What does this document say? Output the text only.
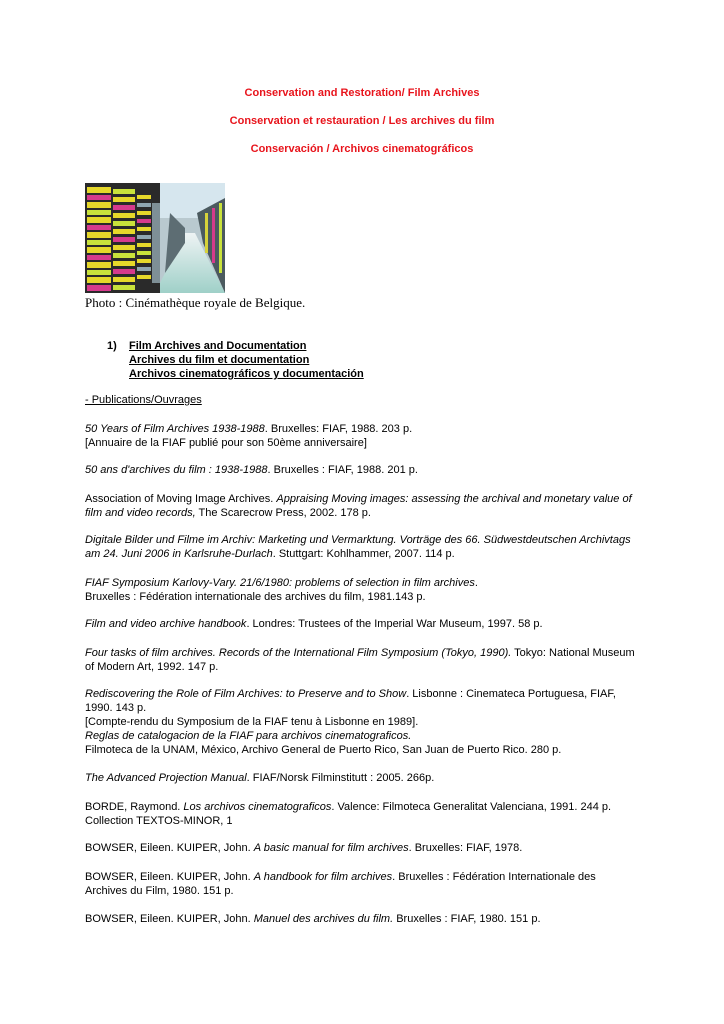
Conservation and Restoration/ Film Archives
Conservation et restauration / Les archives du film
Conservación / Archivos cinematográficos
Photo : Cinémathèque royale de Belgique.
1) Film Archives and Documentation
Archives du film et documentation
Archivos cinematográficos y documentación
- Publications/Ouvrages
50 Years of Film Archives 1938-1988. Bruxelles: FIAF, 1988. 203 p.
[Annuaire de la FIAF publié pour son 50ème anniversaire]
50 ans d'archives du film : 1938-1988. Bruxelles : FIAF, 1988. 201 p.
Association of Moving Image Archives. Appraising Moving images: assessing the archival and monetary value of film and video records, The Scarecrow Press, 2002. 178 p.
Digitale Bilder und Filme im Archiv: Marketing und Vermarktung. Vorträge des 66. Südwestdeutschen Archivtags am 24. Juni 2006 in Karlsruhe-Durlach. Stuttgart: Kohlhammer, 2007. 114 p.
FIAF Symposium Karlovy-Vary. 21/6/1980: problems of selection in film archives.
Bruxelles : Fédération internationale des archives du film, 1981.143 p.
Film and video archive handbook. Londres: Trustees of the Imperial War Museum, 1997. 58 p.
Four tasks of film archives. Records of the International Film Symposium (Tokyo, 1990). Tokyo: National Museum of Modern Art, 1992. 147 p.
Rediscovering the Role of Film Archives: to Preserve and to Show. Lisbonne : Cinemateca Portuguesa, FIAF, 1990. 143 p.
[Compte-rendu du Symposium de la FIAF tenu à Lisbonne en 1989].
Reglas de catalogacion de la FIAF para archivos cinematograficos.
Filmoteca de la UNAM, México, Archivo General de Puerto Rico, San Juan de Puerto Rico. 280 p.
The Advanced Projection Manual. FIAF/Norsk Filminstitutt : 2005. 266p.
BORDE, Raymond. Los archivos cinematograficos. Valence: Filmoteca Generalitat Valenciana, 1991. 244 p. Collection TEXTOS-MINOR, 1
BOWSER, Eileen. KUIPER, John. A basic manual for film archives. Bruxelles: FIAF, 1978.
BOWSER, Eileen. KUIPER, John. A handbook for film archives. Bruxelles : Fédération Internationale des Archives du Film, 1980. 151 p.
BOWSER, Eileen. KUIPER, John. Manuel des archives du film. Bruxelles : FIAF, 1980. 151 p.
